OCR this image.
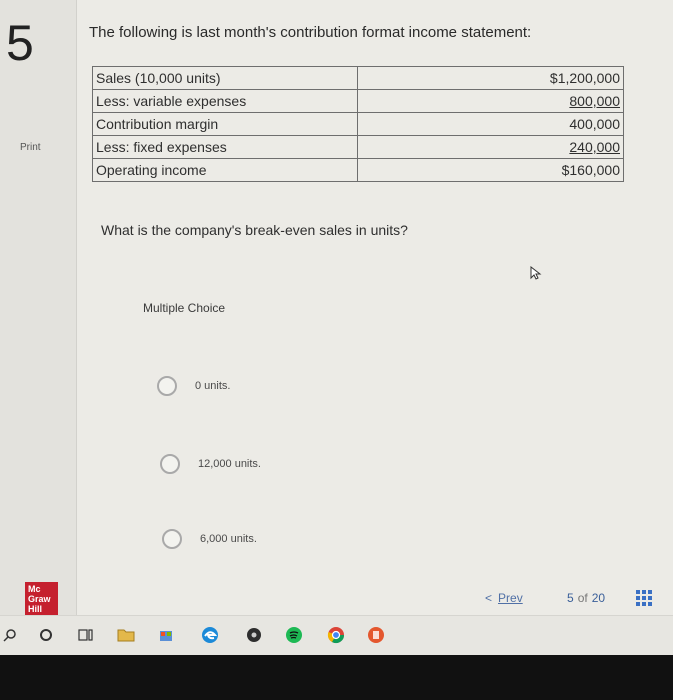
5
Print
Mc
Graw
Hill
The following is last month's contribution format income statement:
Sales (10,000 units)	$1,200,000
Less: variable expenses	800,000
Contribution margin	400,000
Less: fixed expenses	240,000
Operating income	$160,000
What is the company's break-even sales in units?
Multiple Choice
0 units.
12,000 units.
6,000 units.
< Prev	5 of 20
